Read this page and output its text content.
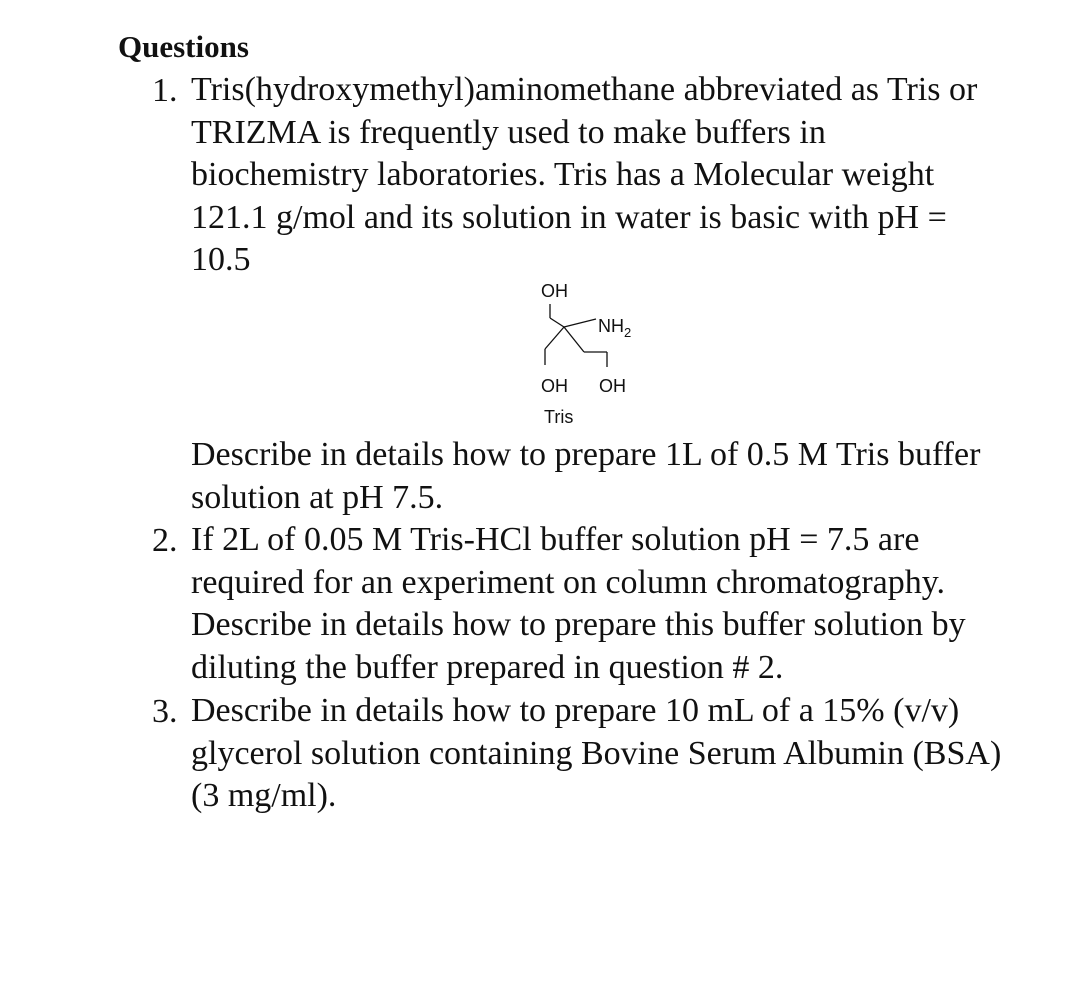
Questions
1. Tris(hydroxymethyl)aminomethane abbreviated as Tris or
TRIZMA is frequently used to make buffers in
biochemistry laboratories. Tris has a Molecular weight
121.1 g/mol and its solution in water is basic with pH =
10.5
OH
$NH_2$
OH OH
Tris
Describe in details how to prepare 1L of 0.5 M Tris buffer
solution at pH 7.5.
2. If 2L of 0.05 M Tris-HCl buffer solution pH = 7.5 are
required for an experiment on column chromatography.
Describe in details how to prepare this buffer solution by
diluting the buffer prepared in question # 2.
3. Describe in details how to prepare 10 mL of a 15% (v/v)
glycerol solution containing Bovine Serum Albumin (BSA)
(3 mg/ml).
